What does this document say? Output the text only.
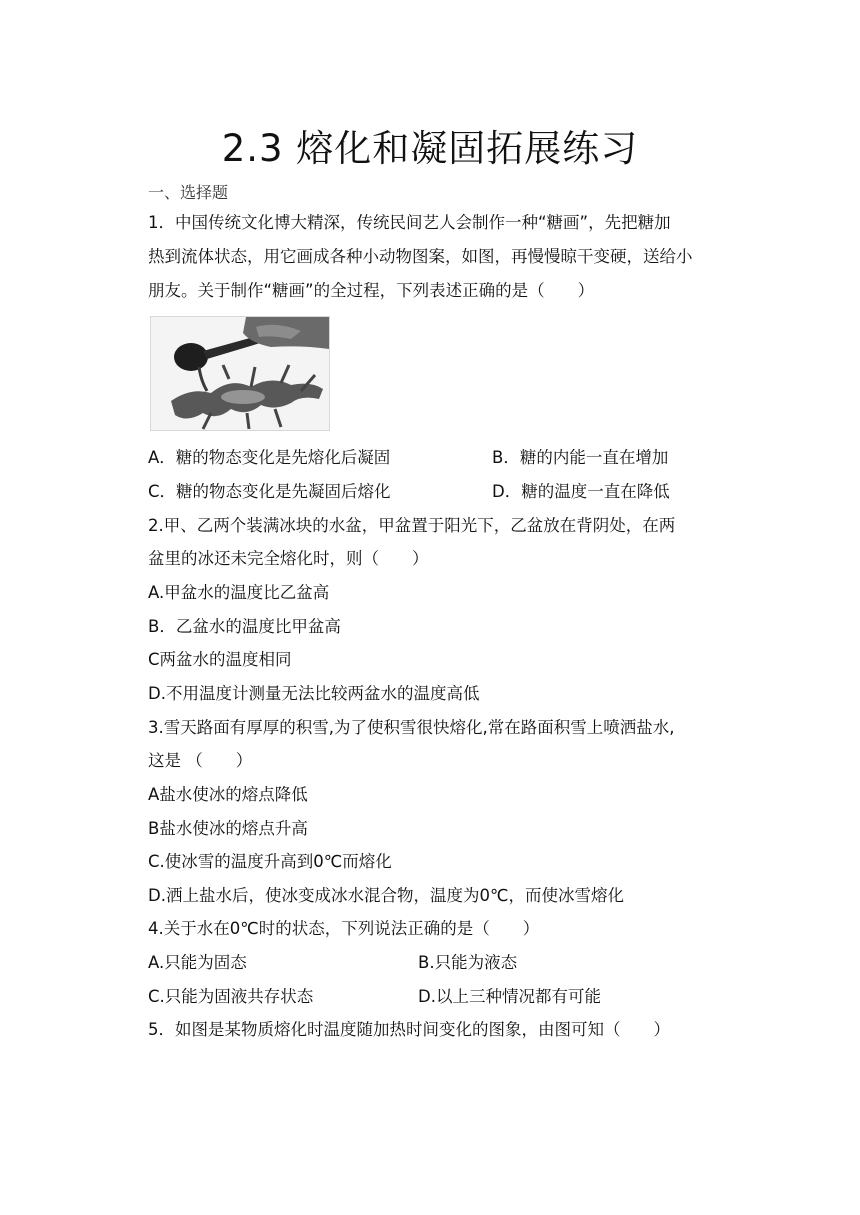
2.3 熔化和凝固拓展练习
一、选择题
1．中国传统文化博大精深，传统民间艺人会制作一种“糖画”，先把糖加
热到流体状态，用它画成各种小动物图案，如图，再慢慢晾干变硬，送给小
朋友。关于制作“糖画”的全过程，下列表述正确的是（　　）
A．糖的物态变化是先熔化后凝固	B．糖的内能一直在增加
C．糖的物态变化是先凝固后熔化	D．糖的温度一直在降低
2.甲、乙两个装满冰块的水盆，甲盆置于阳光下，乙盆放在背阴处，在两
盆里的冰还未完全熔化时，则（　　）
A.甲盆水的温度比乙盆高
B．乙盆水的温度比甲盆高
C两盆水的温度相同
D.不用温度计测量无法比较两盆水的温度高低
3.雪天路面有厚厚的积雪,为了使积雪很快熔化,常在路面积雪上喷洒盐水,
这是 （　　）
A盐水使冰的熔点降低
B盐水使冰的熔点升高
C.使冰雪的温度升高到0℃而熔化
D.洒上盐水后，使冰变成冰水混合物，温度为0℃，而使冰雪熔化
4.关于水在0℃时的状态，下列说法正确的是（　　）
A.只能为固态	B.只能为液态
C.只能为固液共存状态	D.以上三种情况都有可能
5．如图是某物质熔化时温度随加热时间变化的图象，由图可知（　　）
